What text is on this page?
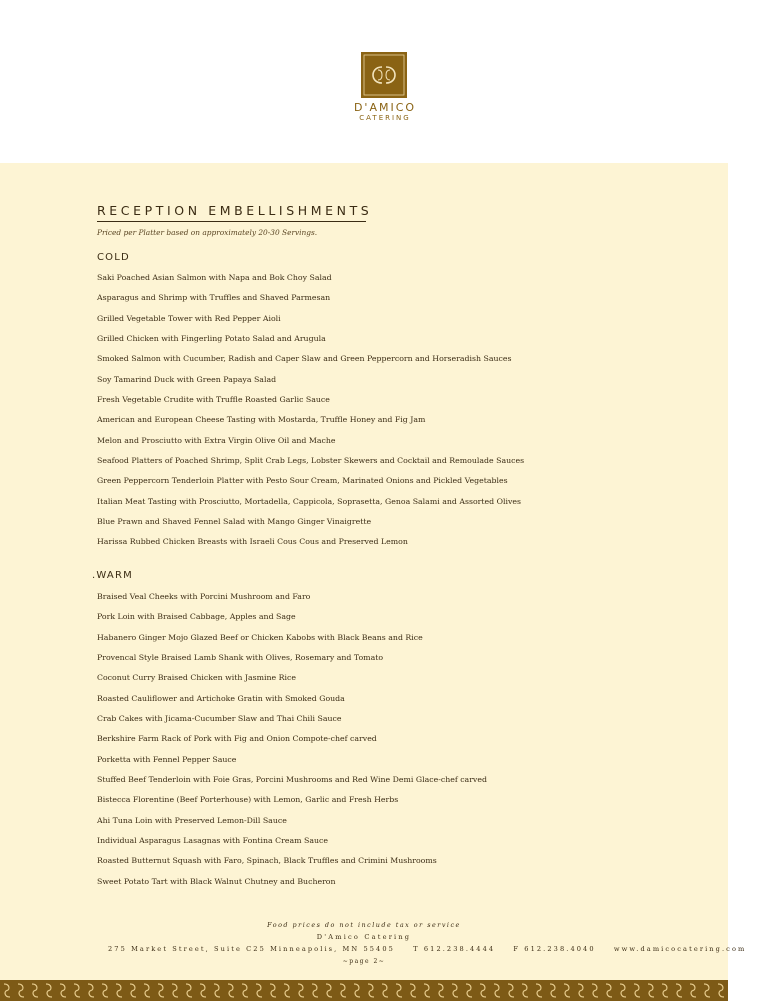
D'AMICO
CATERING
RECEPTION EMBELLISHMENTS
Priced per Platter based on approximately 20-30 Servings.
COLD
Saki Poached Asian Salmon with Napa and Bok Choy Salad
Asparagus and Shrimp with Truffles and Shaved Parmesan
Grilled Vegetable Tower with Red Pepper Aioli
Grilled Chicken with Fingerling Potato Salad and Arugula
Smoked Salmon with Cucumber, Radish and Caper Slaw and Green Peppercorn and Horseradish Sauces
Soy Tamarind Duck with Green Papaya Salad
Fresh Vegetable Crudite with Truffle Roasted Garlic Sauce
American and European Cheese Tasting with Mostarda, Truffle Honey and Fig Jam
Melon and Prosciutto with Extra Virgin Olive Oil and Mache
Seafood Platters of Poached Shrimp, Split Crab Legs, Lobster Skewers and Cocktail and Remoulade Sauces
Green Peppercorn Tenderloin Platter with Pesto Sour Cream, Marinated Onions and Pickled Vegetables
Italian Meat Tasting with Prosciutto, Mortadella, Cappicola, Soprasetta, Genoa Salami and Assorted Olives
Blue Prawn and Shaved Fennel Salad with Mango Ginger Vinaigrette
Harissa Rubbed Chicken Breasts with Israeli Cous Cous and Preserved Lemon
.WARM
Braised Veal Cheeks with Porcini Mushroom and Faro
Pork Loin with Braised Cabbage, Apples and Sage
Habanero Ginger Mojo Glazed Beef or Chicken Kabobs with Black Beans and Rice
Provencal Style Braised Lamb Shank with Olives, Rosemary and Tomato
Coconut Curry Braised Chicken with Jasmine Rice
Roasted Cauliflower and Artichoke Gratin with Smoked Gouda
Crab Cakes with Jicama-Cucumber Slaw and Thai Chili Sauce
Berkshire Farm Rack of Pork with Fig and Onion Compote-chef carved
Porketta with Fennel Pepper Sauce
Stuffed Beef Tenderloin with Foie Gras, Porcini Mushrooms and Red Wine Demi Glace-chef carved
Bistecca Florentine (Beef Porterhouse) with Lemon, Garlic and Fresh Herbs
Ahi Tuna Loin with Preserved Lemon-Dill Sauce
Individual Asparagus Lasagnas with Fontina Cream Sauce
Roasted Butternut Squash with Faro, Spinach, Black Truffles and Crimini Mushrooms
Sweet Potato Tart with Black Walnut Chutney and Bucheron
Food prices do not include tax or service
D'Amico Catering
275 Market Street, Suite C25 Minneapolis, MN 55405	T 612.238.4444	F 612.238.4040	www.damicocatering.com
~page 2~
